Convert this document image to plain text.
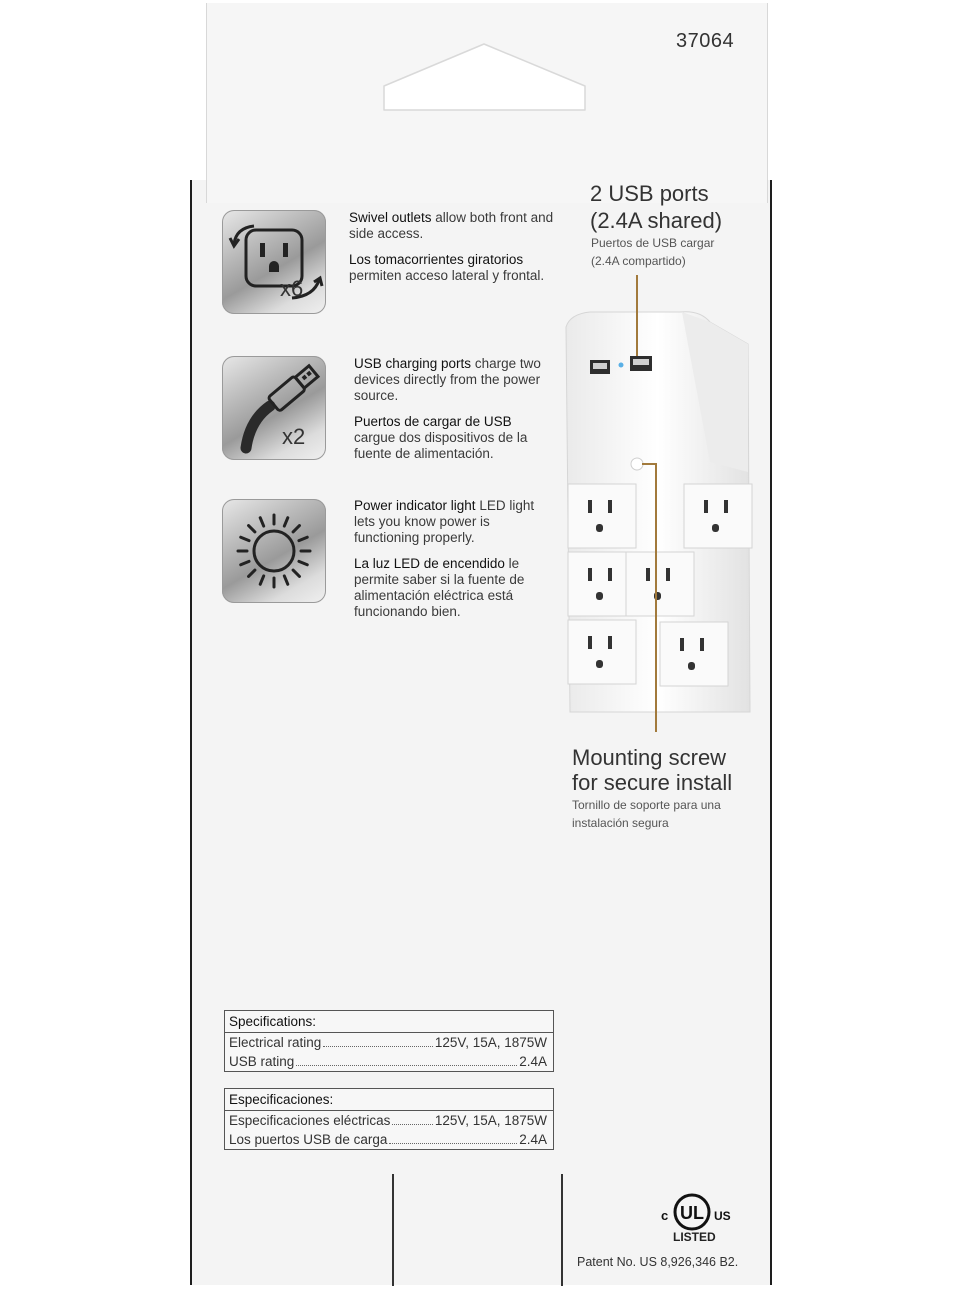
37064
x6

Swivel outlets allow both front and side access.

Los tomacorrientes giratorios permiten acceso lateral y frontal.

x2

USB charging ports charge two devices directly from the power source.

Puertos de cargar de USB cargue dos dispositivos de la fuente de alimentación.

Power indicator light LED light lets you know power is functioning properly.

La luz LED de encendido le permite saber si la fuente de alimentación eléctrica está funcionando bien.

2 USB ports
(2.4A shared)
Puertos de USB cargar
(2.4A compartido)
Mounting screw
for secure install
Tornillo de soporte para una
instalación segura
Specifications:
Electrical rating	125V, 15A, 1875W
USB rating	2.4A
Especificaciones:
Especificaciones eléctricas	125V, 15A, 1875W
Los puertos USB de carga	2.4A
UL
c	US
LISTED
Patent No. US 8,926,346 B2.
